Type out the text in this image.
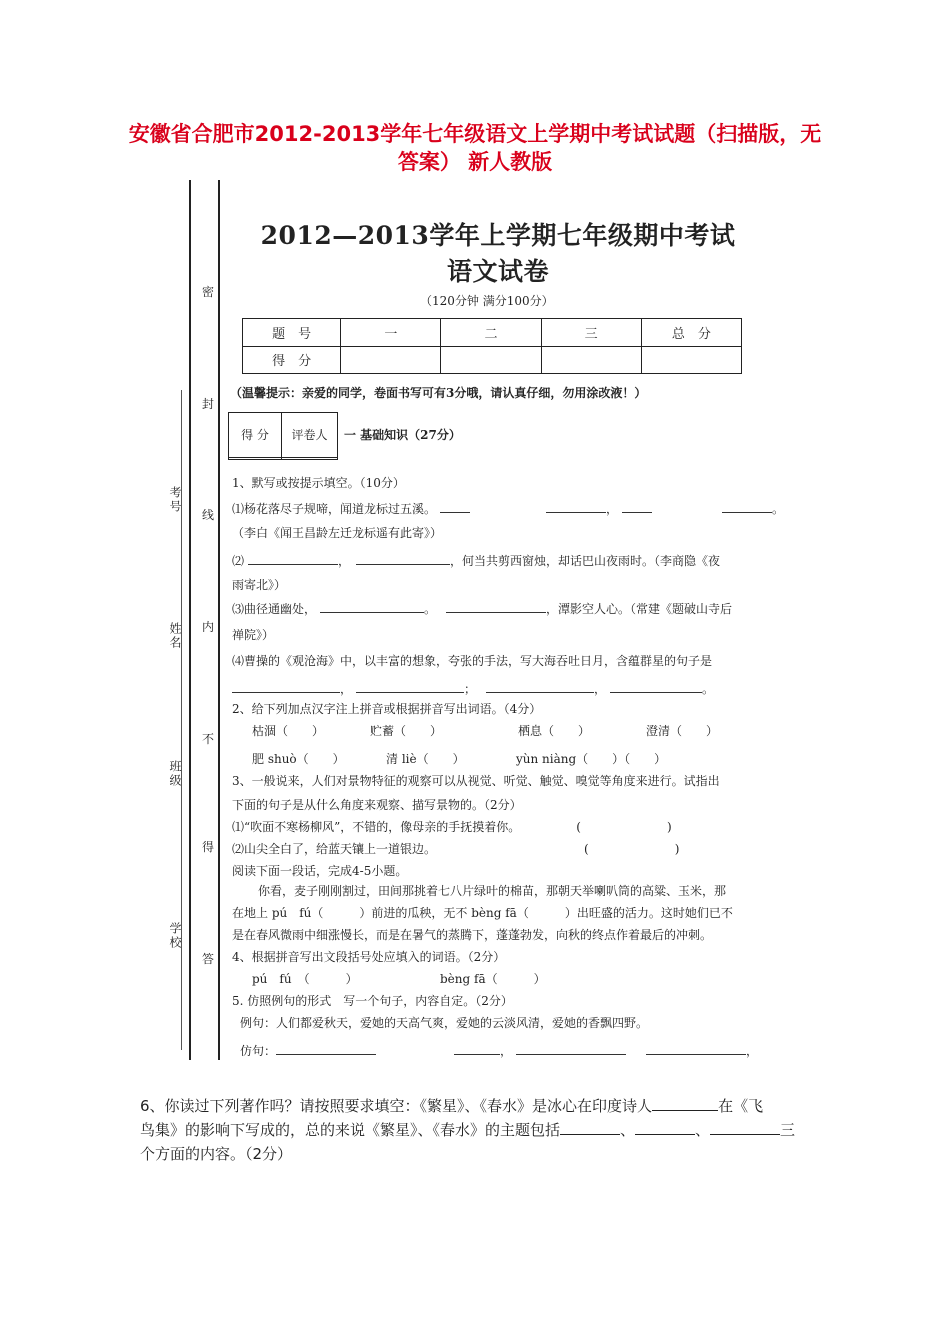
安徽省合肥市2012-2013学年七年级语文上学期中考试试题（扫描版，无答案） 新人教版
考号
姓名
班级
学校
密
封
线
内
不
得
答
2012—2013学年上学期七年级期中考试语文试卷
（120分钟 满分100分）
题　号	一	二	三	总　分
得　分				
（温馨提示：亲爱的同学，卷面书写可有3分哦，请认真仔细，勿用涂改液！）
得 分	评卷人
	一 基础知识（27分）
1、默写或按提示填空。（10分）
⑴杨花落尽子规啼，闻道龙标过五溪。	，	。
（李白《闻王昌龄左迁龙标遥有此寄》）
⑵	，	，何当共剪西窗烛，却话巴山夜雨时。（李商隐《夜
雨寄北》）
⑶曲径通幽处，	。	，潭影空人心。（常建《题破山寺后
禅院》）
⑷曹操的《观沧海》中，以丰富的想象，夸张的手法，写大海吞吐日月，含蕴群星的句子是
，	；	，	。
2、给下列加点汉字注上拼音或根据拼音写出词语。（4分）
枯涸（　　）	贮蓄（　　）	栖息（　　）	澄清（　　）
肥 shuò（　　）	清 liè（　　）	yùn niàng（　　）（　　）
3、一般说来，人们对景物特征的观察可以从视觉、听觉、触觉、嗅觉等角度来进行。试指出
下面的句子是从什么角度来观察、描写景物的。（2分）
⑴“吹面不寒杨柳风”，不错的，像母亲的手抚摸着你。	(	)
⑵山尖全白了，给蓝天镶上一道银边。	(	)
阅读下面一段话，完成4-5小题。
你看，麦子刚刚割过，田间那挑着七八片绿叶的棉苗，那朝天举喇叭筒的高粱、玉米，那
在地上 pú　fú（　　　）前进的瓜秧，无不 bèng fā（　　　）出旺盛的活力。这时她们已不
是在春风微雨中细涨慢长，而是在暑气的蒸腾下，蓬蓬勃发，向秋的终点作着最后的冲刺。
4、根据拼音写出文段括号处应填入的词语。（2分）
pú　fú　（　　　）	bèng fā（　　　）
5. 仿照例句的形式　写一个句子，内容自定。（2分）
例句：人们都爱秋天，爱她的天高气爽，爱她的云淡风清，爱她的香飘四野。
仿句：	，	，
6、你读过下列著作吗？请按照要求填空：《繁星》、《春水》是冰心在印度诗人	在《飞
鸟集》的影响下写成的，总的来说《繁星》、《春水》的主题包括	、	、	三
个方面的内容。（2分）
